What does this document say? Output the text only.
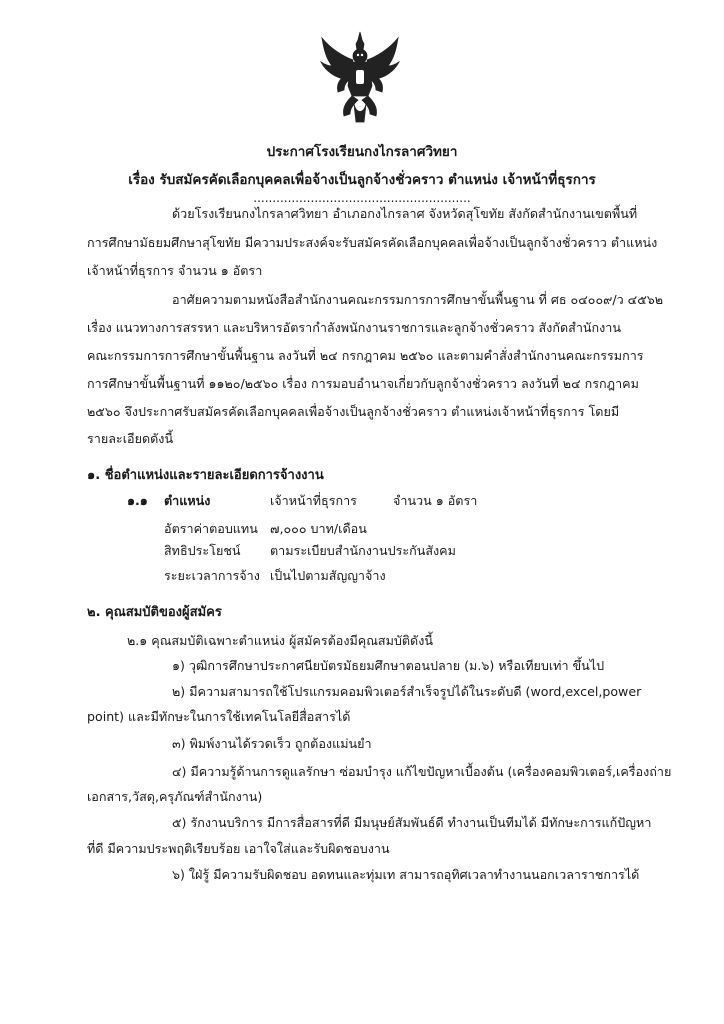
ประกาศโรงเรียนกงไกรลาศวิทยา
เรื่อง รับสมัครคัดเลือกบุคคลเพื่อจ้างเป็นลูกจ้างชั่วคราว ตำแหน่ง เจ้าหน้าที่ธุรการ
.........................................................
ด้วยโรงเรียนกงไกรลาศวิทยา อำเภอกงไกรลาศ จังหวัดสุโขทัย สังกัดสำนักงานเขตพื้นที่
การศึกษามัธยมศึกษาสุโขทัย มีความประสงค์จะรับสมัครคัดเลือกบุคคลเพื่อจ้างเป็นลูกจ้างชั่วคราว ตำแหน่ง
เจ้าหน้าที่ธุรการ จำนวน ๑ อัตรา
อาศัยความตามหนังสือสำนักงานคณะกรรมการการศึกษาขั้นพื้นฐาน ที่ ศธ ๐๔๐๐๙/ว ๔๕๖๒
เรื่อง แนวทางการสรรหา และบริหารอัตรากำลังพนักงานราชการและลูกจ้างชั่วคราว สังกัดสำนักงาน
คณะกรรมการการศึกษาขั้นพื้นฐาน ลงวันที่ ๒๔ กรกฎาคม ๒๕๖๐ และตามคำสั่งสำนักงานคณะกรรมการ
การศึกษาขั้นพื้นฐานที่ ๑๑๒๐/๒๕๖๐ เรื่อง การมอบอำนาจเกี่ยวกับลูกจ้างชั่วคราว ลงวันที่ ๒๔ กรกฎาคม
๒๕๖๐ จึงประกาศรับสมัครคัดเลือกบุคคลเพื่อจ้างเป็นลูกจ้างชั่วคราว ตำแหน่งเจ้าหน้าที่ธุรการ โดยมี
รายละเอียดดังนี้
๑. ชื่อตำแหน่งและรายละเอียดการจ้างงาน
๑.๑ ตำแหน่ง	เจ้าหน้าที่ธุรการ	จำนวน ๑ อัตรา
อัตราค่าตอบแทน ๗,๐๐๐ บาท/เดือน
สิทธิประโยชน์ ตามระเบียบสำนักงานประกันสังคม
ระยะเวลาการจ้าง เป็นไปตามสัญญาจ้าง
๒. คุณสมบัติของผู้สมัคร
๒.๑ คุณสมบัติเฉพาะตำแหน่ง ผู้สมัครต้องมีคุณสมบัติดังนี้
๑) วุฒิการศึกษาประกาศนียบัตรมัธยมศึกษาตอนปลาย (ม.๖) หรือเทียบเท่า ขึ้นไป
๒) มีความสามารถใช้โปรแกรมคอมพิวเตอร์สำเร็จรูปได้ในระดับดี (word,excel,power
point) และมีทักษะในการใช้เทคโนโลยีสื่อสารได้
๓) พิมพ์งานได้รวดเร็ว ถูกต้องแม่นยำ
๔) มีความรู้ด้านการดูแลรักษา ซ่อมบำรุง แก้ไขปัญหาเบื้องต้น (เครื่องคอมพิวเตอร์,เครื่องถ่าย
เอกสาร,วัสดุ,ครุภัณฑ์สำนักงาน)
๕) รักงานบริการ มีการสื่อสารที่ดี มีมนุษย์สัมพันธ์ดี ทำงานเป็นทีมได้ มีทักษะการแก้ปัญหา
ที่ดี มีความประพฤติเรียบร้อย เอาใจใส่และรับผิดชอบงาน
๖) ใฝ่รู้ มีความรับผิดชอบ อดทนและทุ่มเท สามารถอุทิศเวลาทำงานนอกเวลาราชการได้
